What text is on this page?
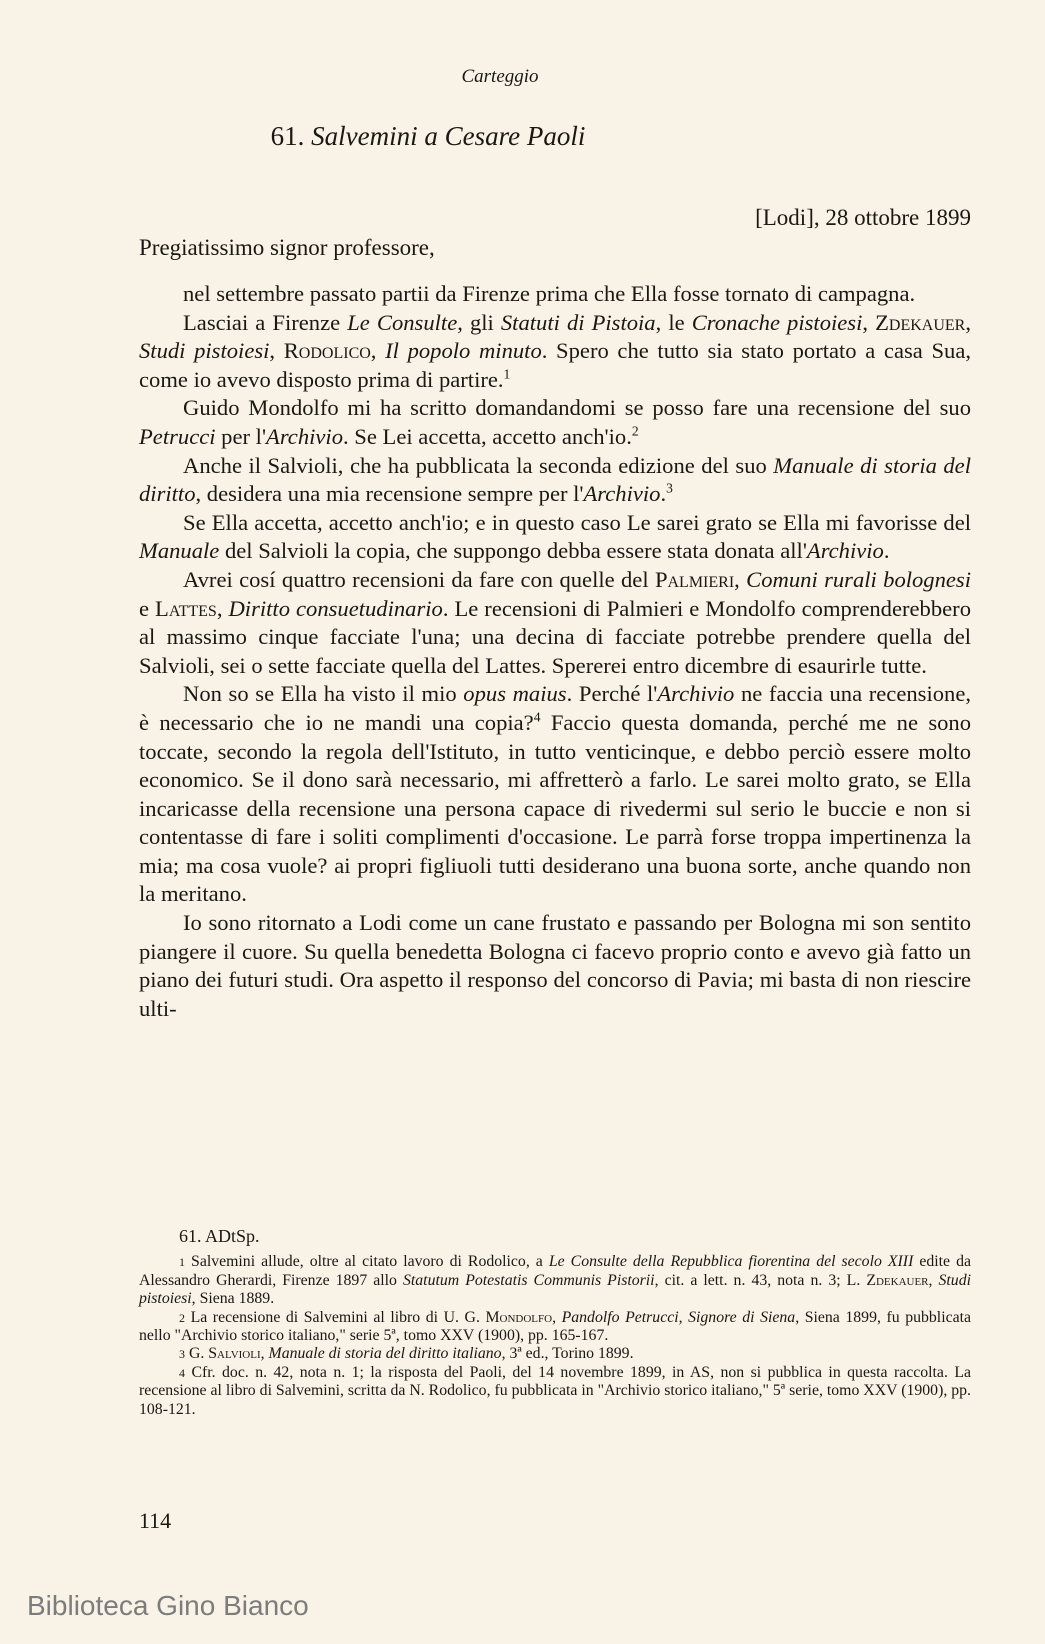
Carteggio
61. Salvemini a Cesare Paoli
[Lodi], 28 ottobre 1899
Pregiatissimo signor professore,

nel settembre passato partii da Firenze prima che Ella fosse tornato di campagna.

Lasciai a Firenze Le Consulte, gli Statuti di Pistoia, le Cronache pistoiesi, Zdekauer, Studi pistoiesi, Rodolico, Il popolo minuto. Spero che tutto sia stato portato a casa Sua, come io avevo disposto prima di partire.$^1$

Guido Mondolfo mi ha scritto domandandomi se posso fare una recensione del suo Petrucci per l'Archivio. Se Lei accetta, accetto anch'io.$^2$

Anche il Salvioli, che ha pubblicata la seconda edizione del suo Manuale di storia del diritto, desidera una mia recensione sempre per l'Archivio.$^3$

Se Ella accetta, accetto anch'io; e in questo caso Le sarei grato se Ella mi favorisse del Manuale del Salvioli la copia, che suppongo debba essere stata donata all'Archivio.

Avrei cosí quattro recensioni da fare con quelle del Palmieri, Comuni rurali bolognesi e Lattes, Diritto consuetudinario. Le recensioni di Palmieri e Mondolfo comprenderebbero al massimo cinque facciate l'una; una decina di facciate potrebbe prendere quella del Salvioli, sei o sette facciate quella del Lattes. Spererei entro dicembre di esaurirle tutte.

Non so se Ella ha visto il mio opus maius. Perché l'Archivio ne faccia una recensione, è necessario che io ne mandi una copia?$^4$ Faccio questa domanda, perché me ne sono toccate, secondo la regola dell'Istituto, in tutto venticinque, e debbo perciò essere molto economico. Se il dono sarà necessario, mi affretterò a farlo. Le sarei molto grato, se Ella incaricasse della recensione una persona capace di rivedermi sul serio le buccie e non si contentasse di fare i soliti complimenti d'occasione. Le parrà forse troppa impertinenza la mia; ma cosa vuole? ai propri figliuoli tutti desiderano una buona sorte, anche quando non la meritano.

Io sono ritornato a Lodi come un cane frustato e passando per Bologna mi son sentito piangere il cuore. Su quella benedetta Bologna ci facevo proprio conto e avevo già fatto un piano dei futuri studi. Ora aspetto il responso del concorso di Pavia; mi basta di non riescire ulti-

61. ADtSp.

1 Salvemini allude, oltre al citato lavoro di Rodolico, a Le Consulte della Repubblica fiorentina del secolo XIII edite da Alessandro Gherardi, Firenze 1897 allo Statutum Potestatis Communis Pistorii, cit. a lett. n. 43, nota n. 3; L. Zdekauer, Studi pistoiesi, Siena 1889.

2 La recensione di Salvemini al libro di U. G. Mondolfo, Pandolfo Petrucci, Signore di Siena, Siena 1899, fu pubblicata nello "Archivio storico italiano," serie 5ª, tomo XXV (1900), pp. 165-167.

3 G. Salvioli, Manuale di storia del diritto italiano, 3ª ed., Torino 1899.

4 Cfr. doc. n. 42, nota n. 1; la risposta del Paoli, del 14 novembre 1899, in AS, non si pubblica in questa raccolta. La recensione al libro di Salvemini, scritta da N. Rodolico, fu pubblicata in "Archivio storico italiano," 5ª serie, tomo XXV (1900), pp. 108-121.

114
Biblioteca Gino Bianco
